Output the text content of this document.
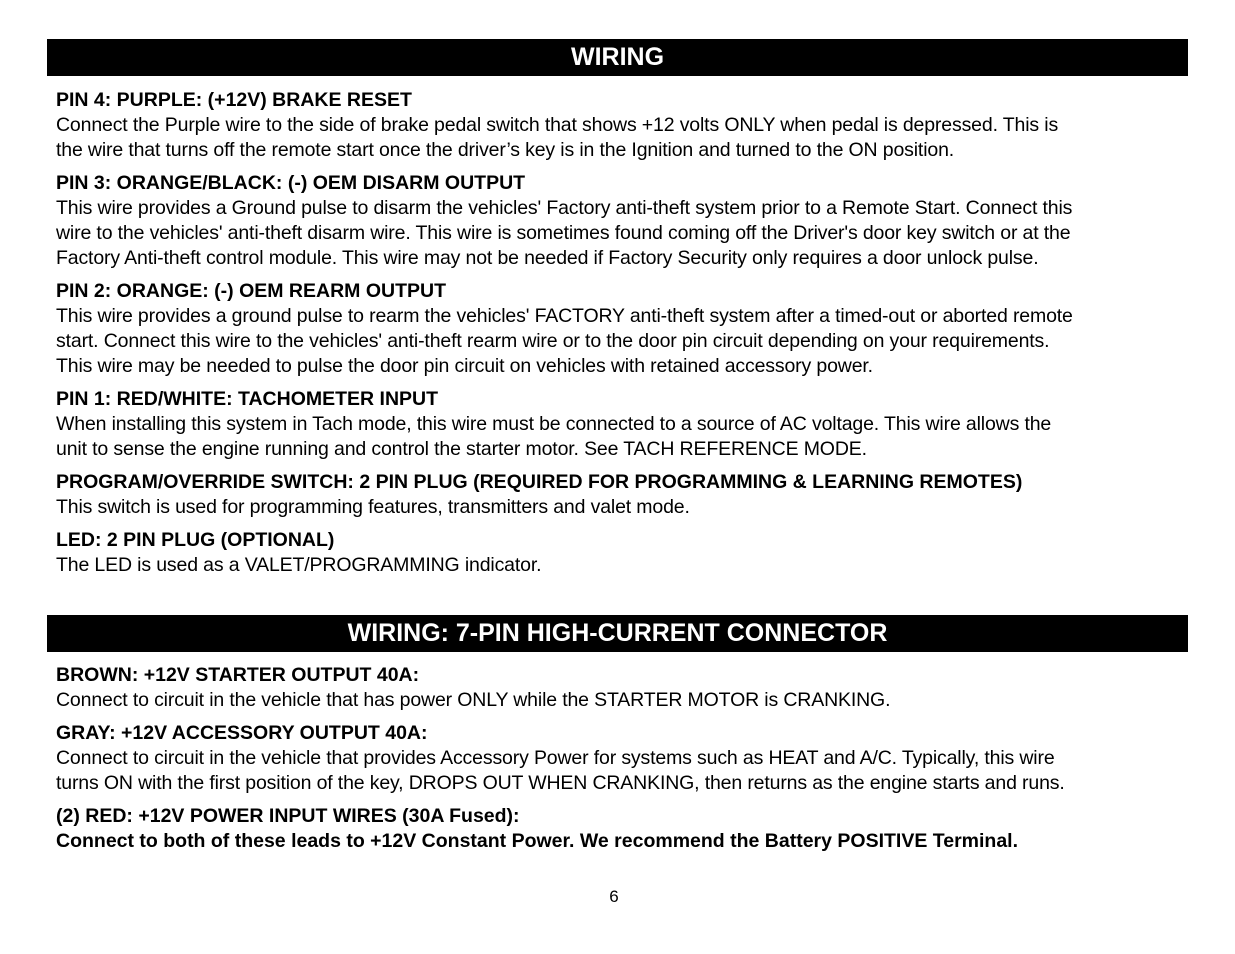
WIRING
PIN 4: PURPLE: (+12V) BRAKE RESET
Connect the Purple wire to the side of brake pedal switch that shows +12 volts ONLY when pedal is depressed. This is
the wire that turns off the remote start once the driver’s key is in the Ignition and turned to the ON position.
PIN 3: ORANGE/BLACK: (-) OEM DISARM OUTPUT
This wire provides a Ground pulse to disarm the vehicles' Factory anti-theft system prior to a Remote Start. Connect this
wire to the vehicles' anti-theft disarm wire. This wire is sometimes found coming off the Driver's door key switch or at the
Factory Anti-theft control module. This wire may not be needed if Factory Security only requires a door unlock pulse.
PIN 2: ORANGE: (-) OEM REARM OUTPUT
This wire provides a ground pulse to rearm the vehicles' FACTORY anti-theft system after a timed-out or aborted remote
start. Connect this wire to the vehicles' anti-theft rearm wire or to the door pin circuit depending on your requirements.
This wire may be needed to pulse the door pin circuit on vehicles with retained accessory power.
PIN 1: RED/WHITE: TACHOMETER INPUT
When installing this system in Tach mode, this wire must be connected to a source of AC voltage. This wire allows the
unit to sense the engine running and control the starter motor. See TACH REFERENCE MODE.
PROGRAM/OVERRIDE SWITCH: 2 PIN PLUG (REQUIRED FOR PROGRAMMING & LEARNING REMOTES)
This switch is used for programming features, transmitters and valet mode.
LED: 2 PIN PLUG (OPTIONAL)
The LED is used as a VALET/PROGRAMMING indicator.
WIRING: 7-PIN HIGH-CURRENT CONNECTOR
BROWN: +12V STARTER OUTPUT 40A:
Connect to circuit in the vehicle that has power ONLY while the STARTER MOTOR is CRANKING.
GRAY: +12V ACCESSORY OUTPUT 40A:
Connect to circuit in the vehicle that provides Accessory Power for systems such as HEAT and A/C. Typically, this wire
turns ON with the first position of the key, DROPS OUT WHEN CRANKING, then returns as the engine starts and runs.
(2) RED: +12V POWER INPUT WIRES (30A Fused):
Connect to both of these leads to +12V Constant Power. We recommend the Battery POSITIVE Terminal.
6
